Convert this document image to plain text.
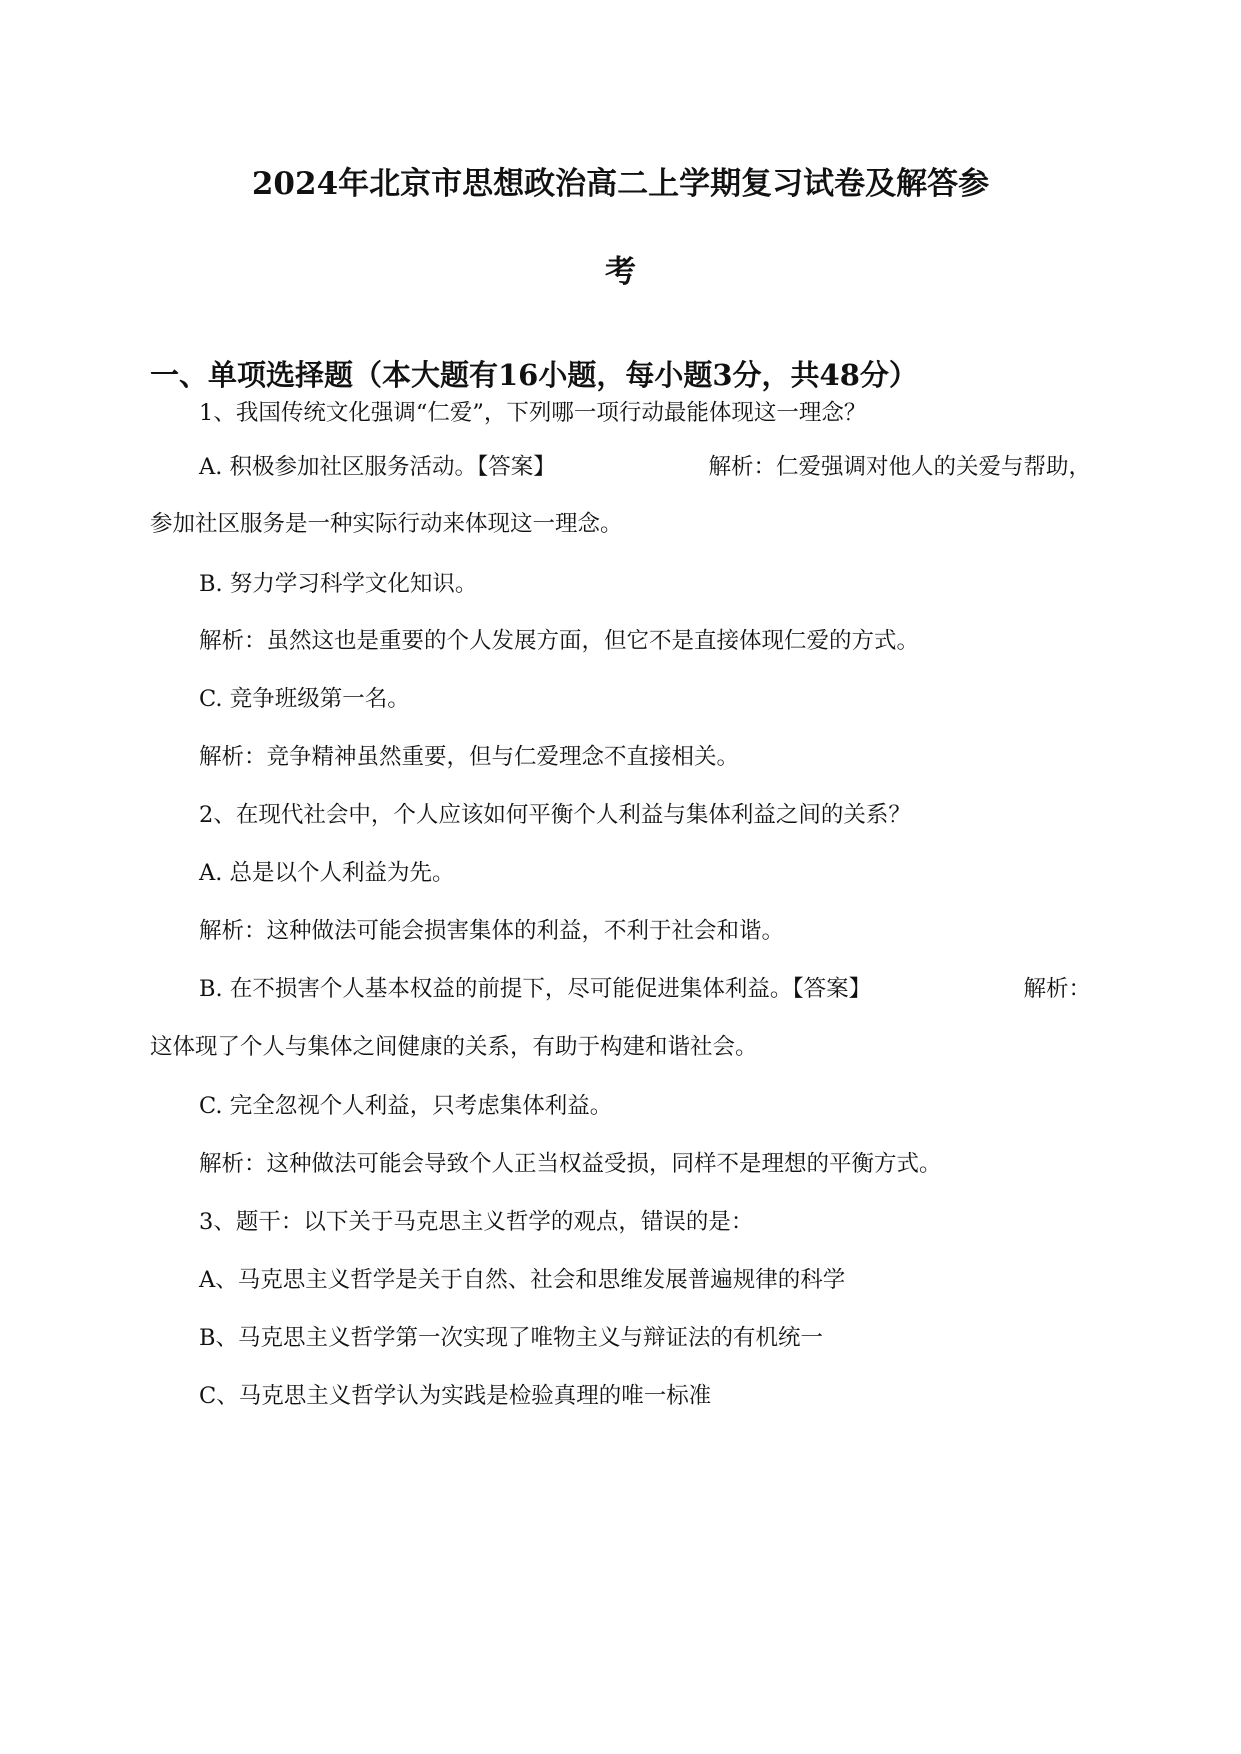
2024年北京市思想政治高二上学期复习试卷及解答参
考
一、单项选择题（本大题有16小题，每小题3分，共48分）
1、我国传统文化强调“仁爱”，下列哪一项行动最能体现这一理念？
A. 积极参加社区服务活动。【答案】	解析：仁爱强调对他人的关爱与帮助，
参加社区服务是一种实际行动来体现这一理念。
B. 努力学习科学文化知识。
解析：虽然这也是重要的个人发展方面，但它不是直接体现仁爱的方式。
C. 竞争班级第一名。
解析：竞争精神虽然重要，但与仁爱理念不直接相关。
2、在现代社会中，个人应该如何平衡个人利益与集体利益之间的关系？
A. 总是以个人利益为先。
解析：这种做法可能会损害集体的利益，不利于社会和谐。
B. 在不损害个人基本权益的前提下，尽可能促进集体利益。【答案】	解析：
这体现了个人与集体之间健康的关系，有助于构建和谐社会。
C. 完全忽视个人利益，只考虑集体利益。
解析：这种做法可能会导致个人正当权益受损，同样不是理想的平衡方式。
3、题干：以下关于马克思主义哲学的观点，错误的是：
A、马克思主义哲学是关于自然、社会和思维发展普遍规律的科学
B、马克思主义哲学第一次实现了唯物主义与辩证法的有机统一
C、马克思主义哲学认为实践是检验真理的唯一标准
